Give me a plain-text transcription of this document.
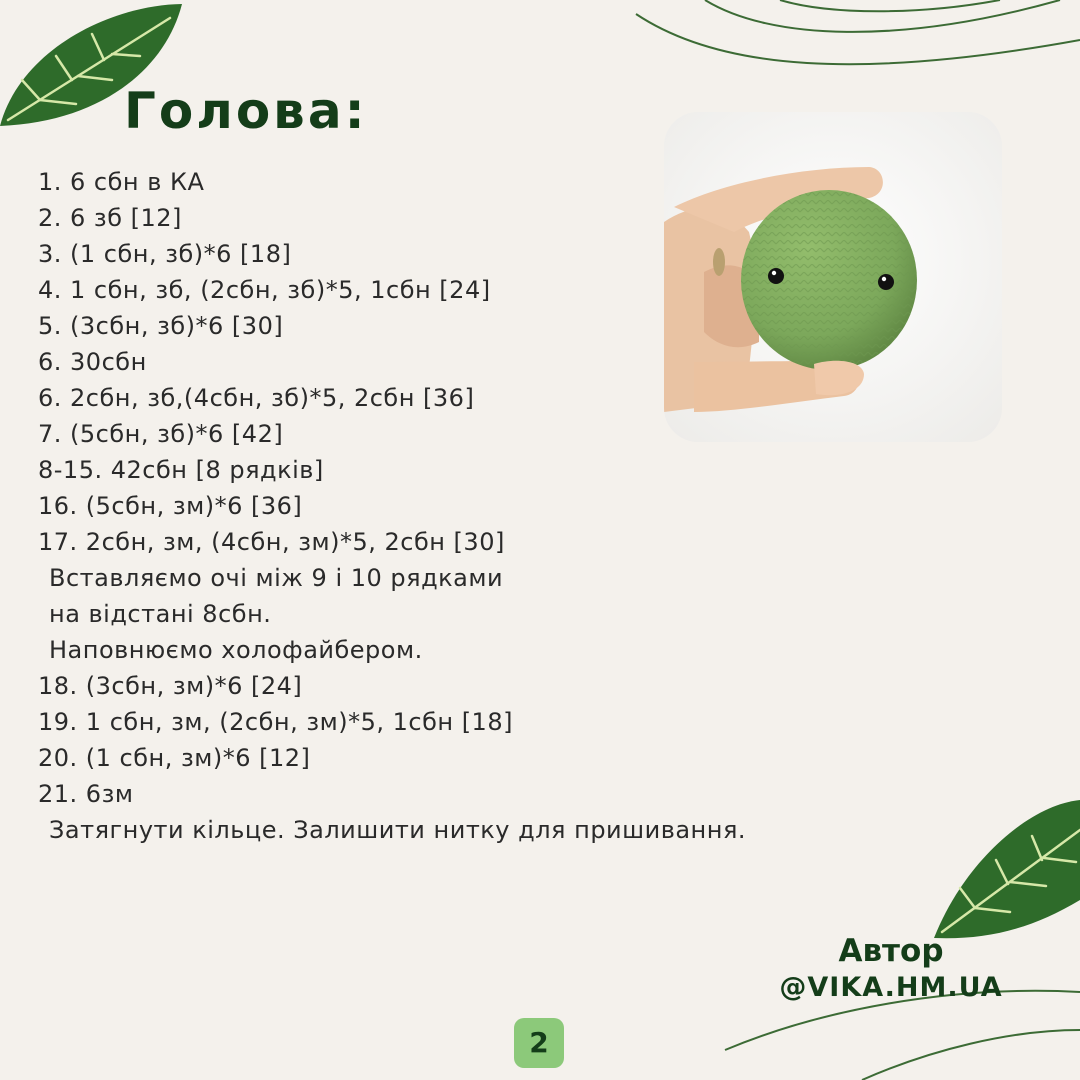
Голова:
1. 6 сбн в КА
2. 6 зб [12]
3. (1 сбн, зб)*6 [18]
4. 1 сбн, зб, (2сбн, зб)*5, 1сбн [24]
5. (3сбн, зб)*6 [30]
6. 30сбн
6. 2сбн, зб,(4сбн, зб)*5, 2сбн [36]
7. (5сбн, зб)*6 [42]
8-15. 42сбн [8 рядків]
16. (5сбн, зм)*6 [36]
17. 2сбн, зм, (4сбн, зм)*5, 2сбн [30]
Вставляємо очі між 9 і 10 рядками
на відстані 8сбн.
Наповнюємо холофайбером.
18. (3сбн, зм)*6 [24]
19. 1 сбн, зм, (2сбн, зм)*5, 1сбн [18]
20. (1 сбн, зм)*6 [12]
21. 6зм
Затягнути кільце. Залишити нитку для пришивання.
Автор
@VIKA.HM.UA
2
